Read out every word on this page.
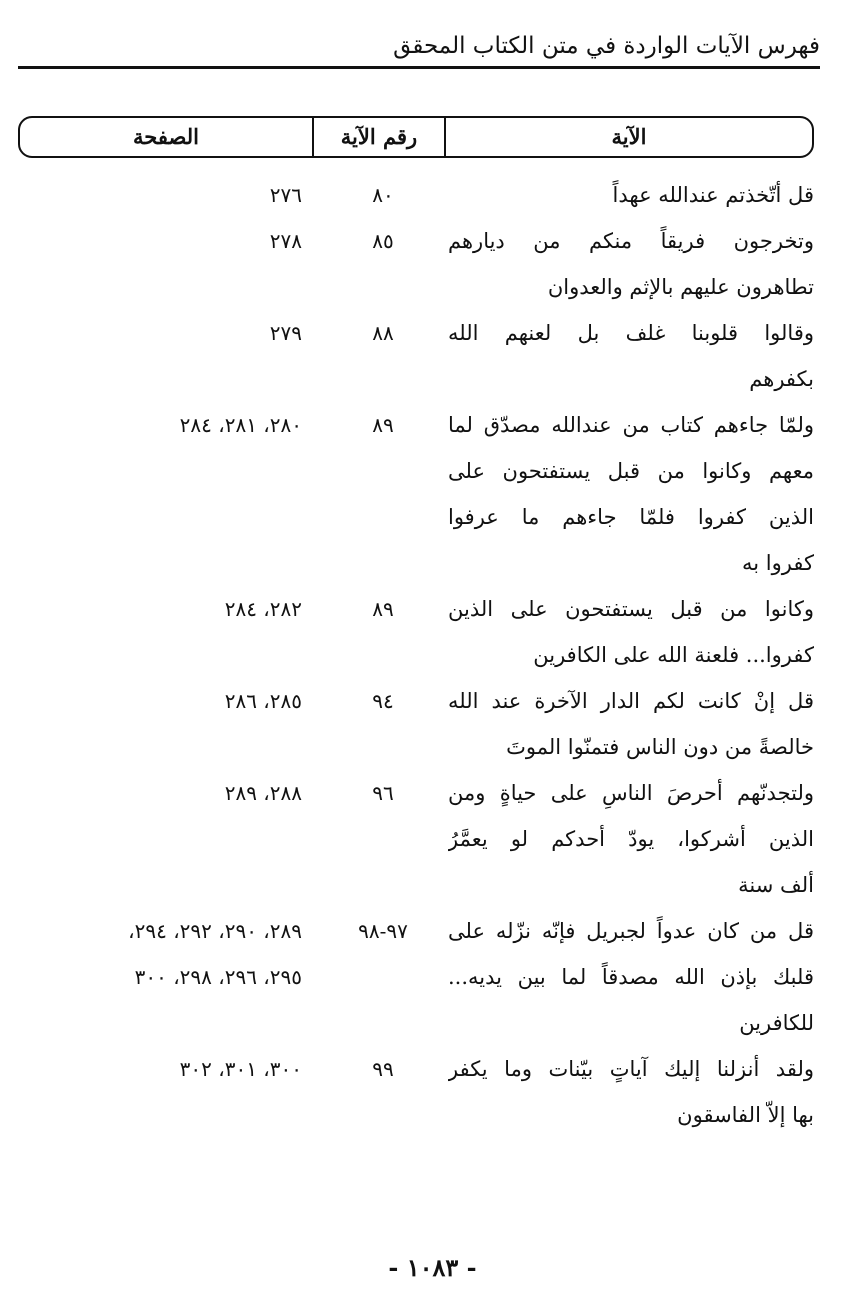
فهرس الآيات الواردة في متن الكتاب المحقق
الآية
رقم الآية
الصفحة
قل أتّخذتم عندالله عهداً
٨٠
٢٧٦
وتخرجون فريقاً منكم من ديارهم
تطاهرون عليهم بالإثم والعدوان
٨٥
٢٧٨
وقالوا قلوبنا غلف بل لعنهم الله
بكفرهم
٨٨
٢٧٩
ولمّا جاءهم كتاب من عندالله مصدّق لما
معهم وكانوا من قبل يستفتحون على
الذين كفروا فلمّا جاءهم ما عرفوا
كفروا به
٨٩
٢٨٠، ٢٨١، ٢٨٤
وكانوا من قبل يستفتحون على الذين
كفروا... فلعنة الله على الكافرين
٨٩
٢٨٢، ٢٨٤
قل إنْ كانت لكم الدار الآخرة عند الله
خالصةً من دون الناس فتمنّوا الموتَ
٩٤
٢٨٥، ٢٨٦
ولتجدنّهم أحرصَ الناسِ على حياةٍ ومن
الذين أشركوا، يودّ أحدكم لو يعمَّرُ
ألف سنة
٩٦
٢٨٨، ٢٨٩
قل من كان عدواً لجبريل فإنّه نزّله على
قلبك بإذن الله مصدقاً لما بين يديه...
للكافرين
٩٧-٩٨
٢٨٩، ٢٩٠، ٢٩٢، ٢٩٤،
٢٩٥، ٢٩٦، ٢٩٨، ٣٠٠
ولقد أنزلنا إليك آياتٍ بيّنات وما يكفر
بها إلاّ الفاسقون
٩٩
٣٠٠، ٣٠١، ٣٠٢
- ١٠٨٣ -
